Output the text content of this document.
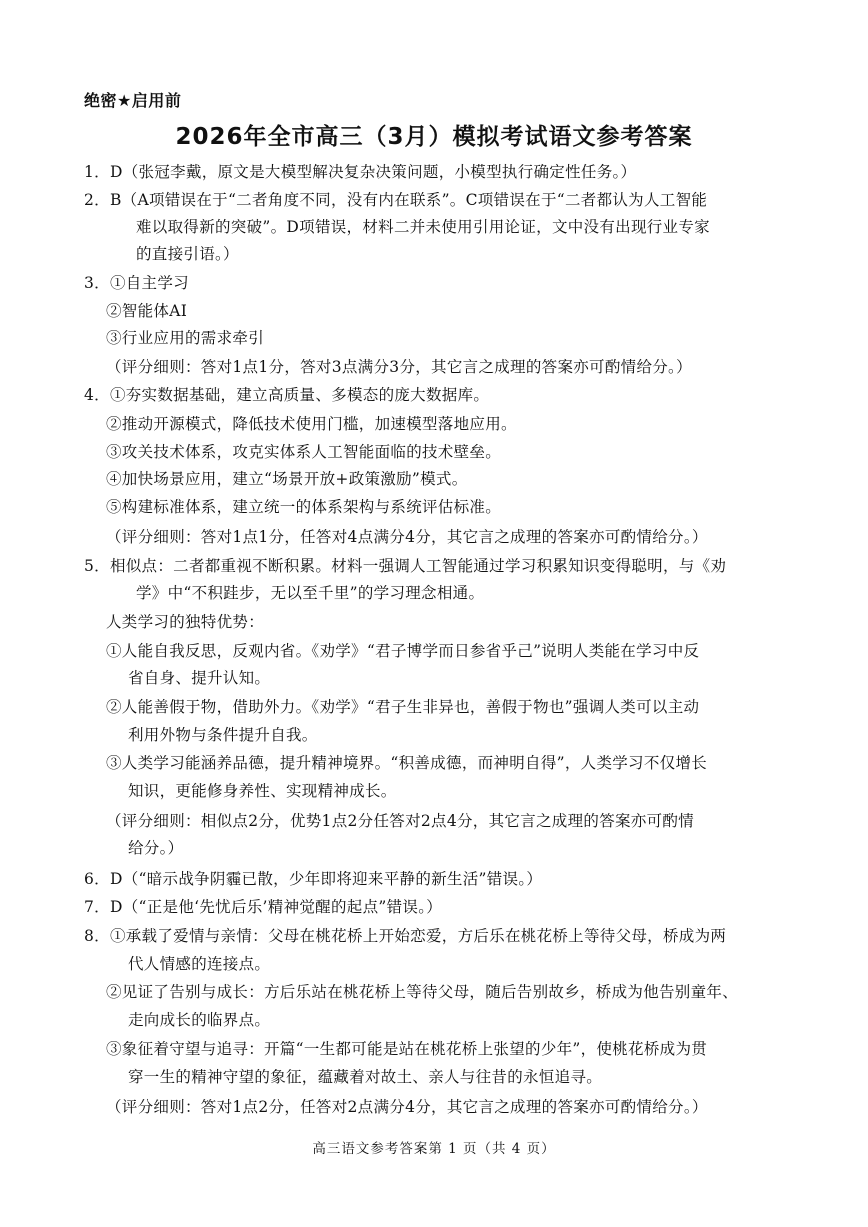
绝密★启用前
2026年全市高三（3月）模拟考试语文参考答案
1．D（张冠李戴，原文是大模型解决复杂决策问题，小模型执行确定性任务。）
2．B（A项错误在于“二者角度不同，没有内在联系”。C项错误在于“二者都认为人工智能
难以取得新的突破”。D项错误，材料二并未使用引用论证，文中没有出现行业专家
的直接引语。）
3．①自主学习
②智能体AI
③行业应用的需求牵引
（评分细则：答对1点1分，答对3点满分3分，其它言之成理的答案亦可酌情给分。）
4．①夯实数据基础，建立高质量、多模态的庞大数据库。
②推动开源模式，降低技术使用门槛，加速模型落地应用。
③攻关技术体系，攻克实体系人工智能面临的技术壁垒。
④加快场景应用，建立“场景开放+政策激励”模式。
⑤构建标准体系，建立统一的体系架构与系统评估标准。
（评分细则：答对1点1分，任答对4点满分4分，其它言之成理的答案亦可酌情给分。）
5．相似点：二者都重视不断积累。材料一强调人工智能通过学习积累知识变得聪明，与《劝
学》中“不积跬步，无以至千里”的学习理念相通。
人类学习的独特优势：
①人能自我反思，反观内省。《劝学》“君子博学而日参省乎己”说明人类能在学习中反
省自身、提升认知。
②人能善假于物，借助外力。《劝学》“君子生非异也，善假于物也”强调人类可以主动
利用外物与条件提升自我。
③人类学习能涵养品德，提升精神境界。“积善成德，而神明自得”，人类学习不仅增长
知识，更能修身养性、实现精神成长。
（评分细则：相似点2分，优势1点2分任答对2点4分，其它言之成理的答案亦可酌情
给分。）
6．D（“暗示战争阴霾已散，少年即将迎来平静的新生活”错误。）
7．D（“正是他‘先忧后乐’精神觉醒的起点”错误。）
8．①承载了爱情与亲情：父母在桃花桥上开始恋爱，方后乐在桃花桥上等待父母，桥成为两
代人情感的连接点。
②见证了告别与成长：方后乐站在桃花桥上等待父母，随后告别故乡，桥成为他告别童年、
走向成长的临界点。
③象征着守望与追寻：开篇“一生都可能是站在桃花桥上张望的少年”，使桃花桥成为贯
穿一生的精神守望的象征，蕴藏着对故土、亲人与往昔的永恒追寻。
（评分细则：答对1点2分，任答对2点满分4分，其它言之成理的答案亦可酌情给分。）
高三语文参考答案第 1 页（共 4 页）
